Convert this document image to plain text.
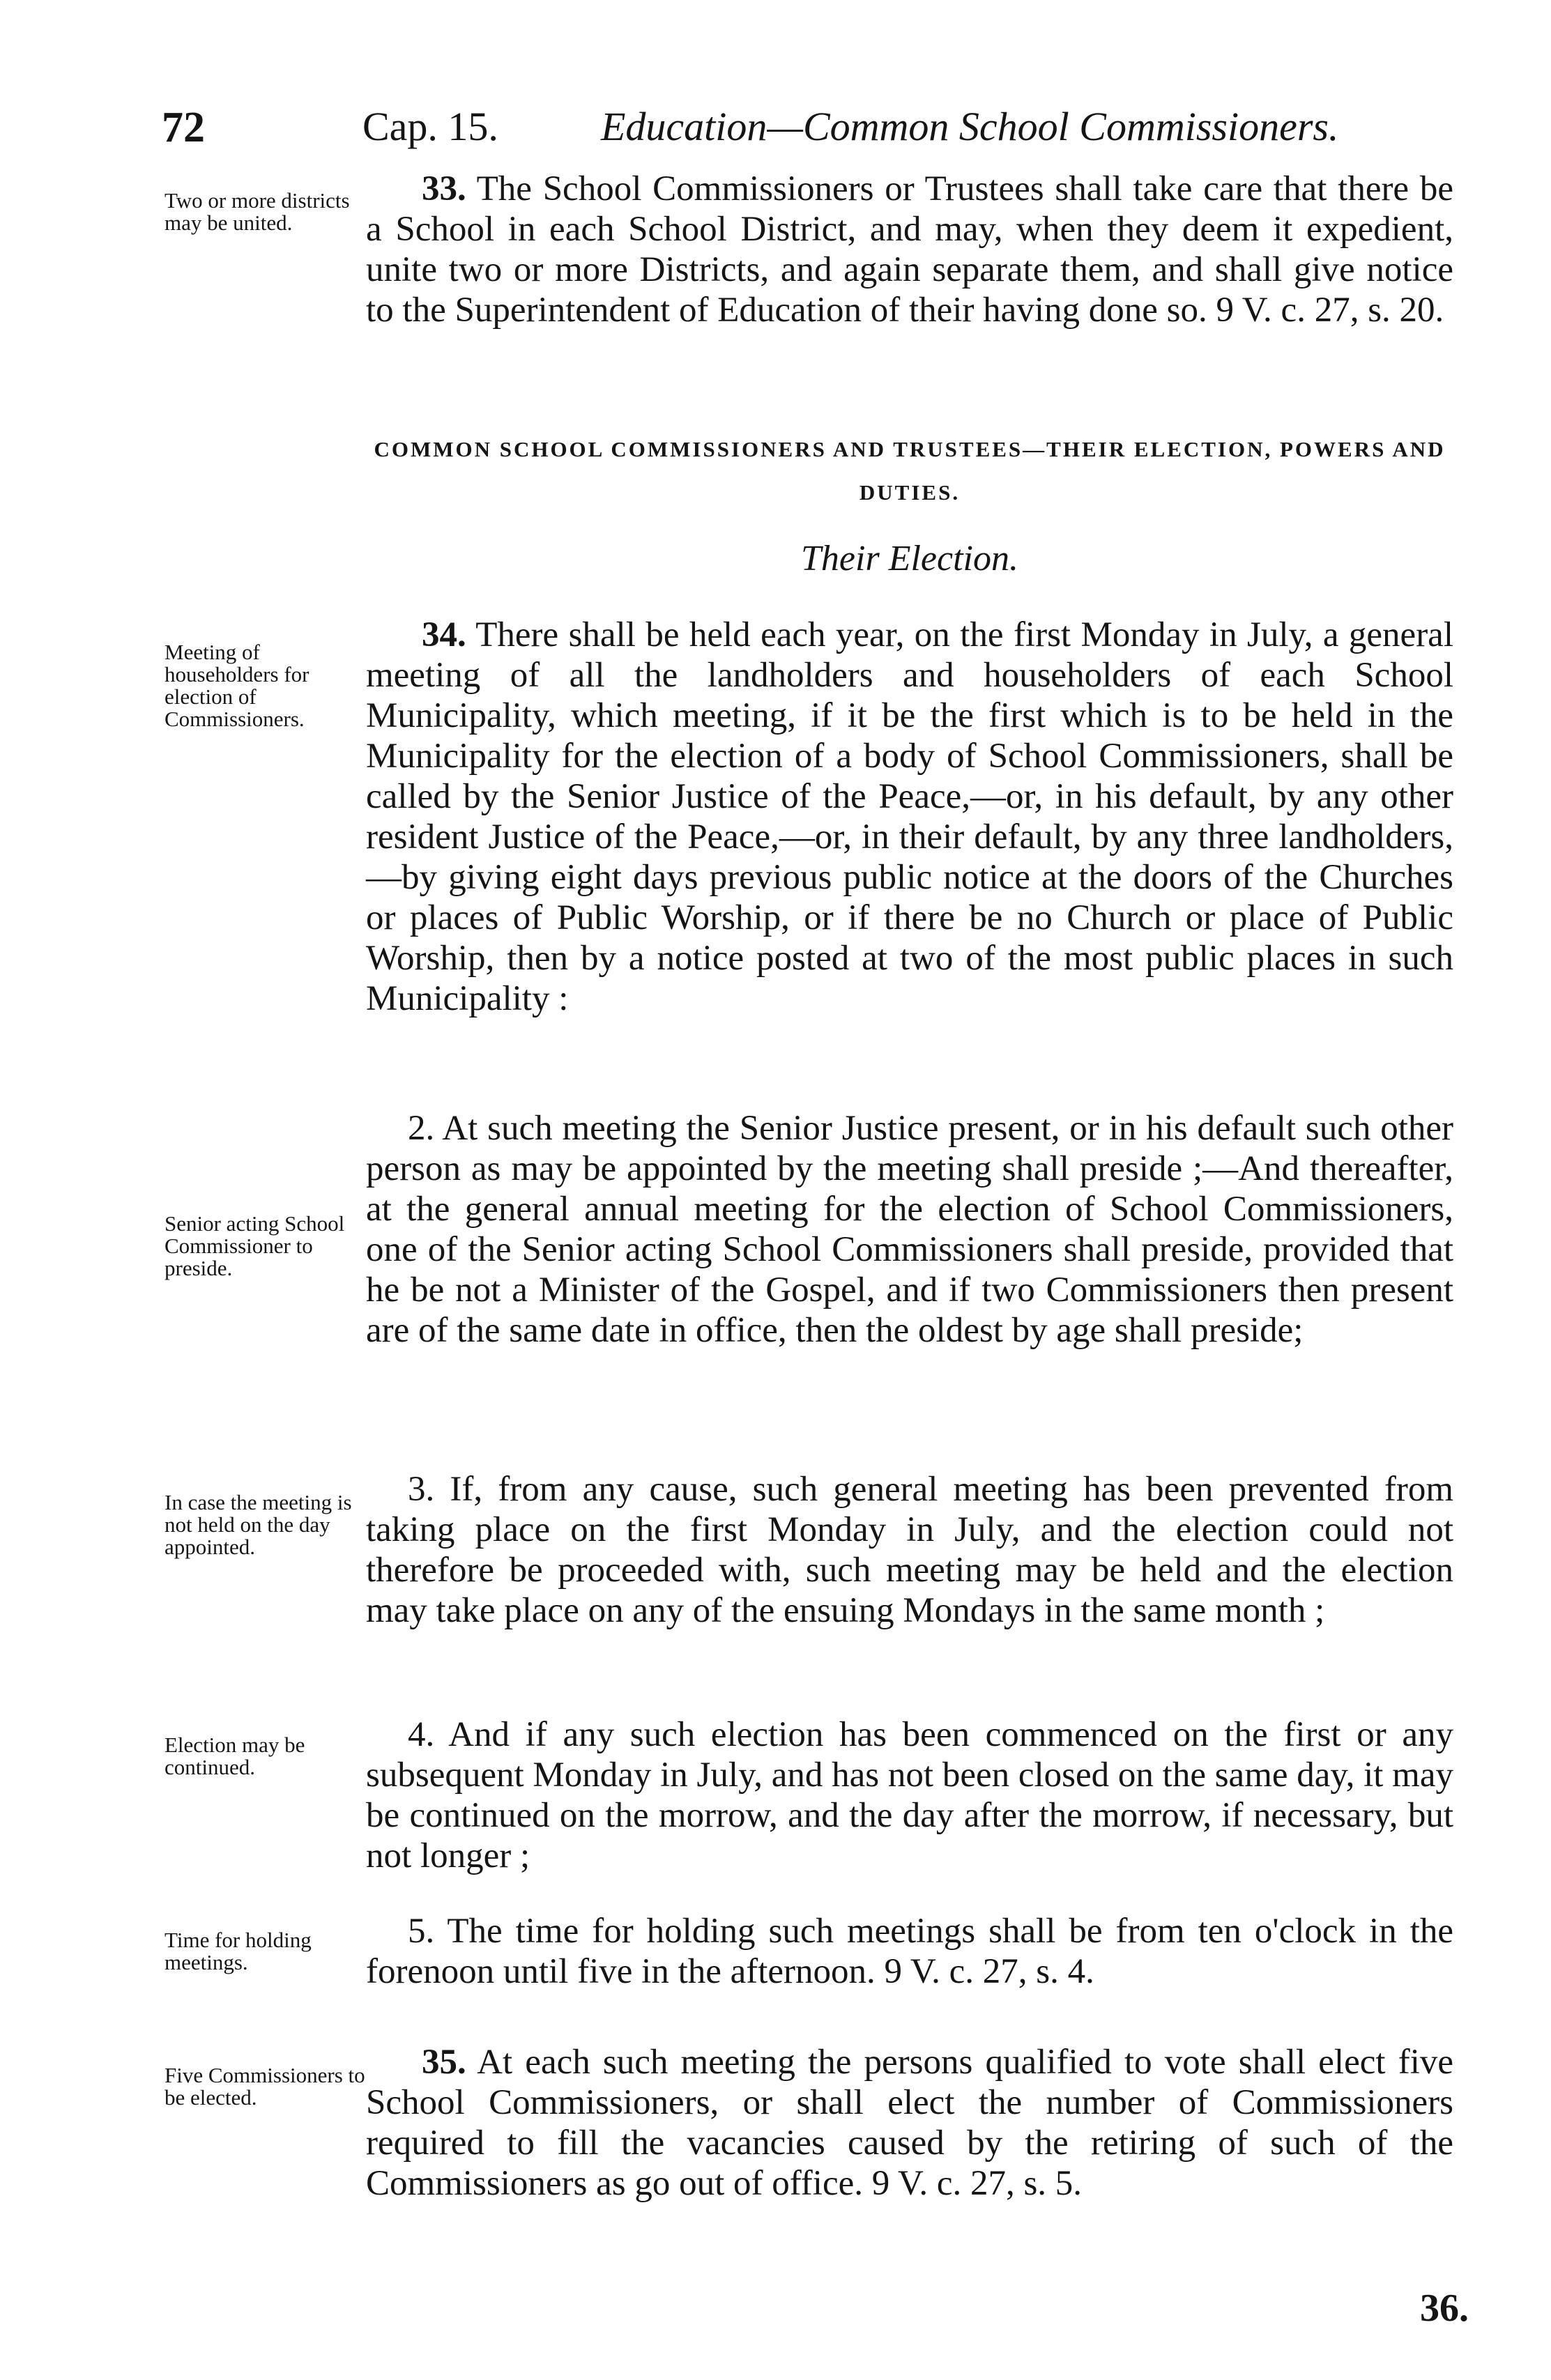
72	Cap. 15.	Education—Common School Commissioners.
Two or more districts may be united.

33. The School Commissioners or Trustees shall take care that there be a School in each School District, and may, when they deem it expedient, unite two or more Districts, and again separate them, and shall give notice to the Superintendent of Education of their having done so. 9 V. c. 27, s. 20.

COMMON SCHOOL COMMISSIONERS AND TRUSTEES—THEIR ELECTION, POWERS AND DUTIES.
Their Election.
Meeting of householders for election of Commissioners.

34. There shall be held each year, on the first Monday in July, a general meeting of all the landholders and householders of each School Municipality, which meeting, if it be the first which is to be held in the Municipality for the election of a body of School Commissioners, shall be called by the Senior Justice of the Peace,—or, in his default, by any other resident Justice of the Peace,—or, in their default, by any three landholders,—by giving eight days previous public notice at the doors of the Churches or places of Public Worship, or if there be no Church or place of Public Worship, then by a notice posted at two of the most public places in such Municipality :

Senior acting School Commissioner to preside.

2. At such meeting the Senior Justice present, or in his default such other person as may be appointed by the meeting shall preside ;—And thereafter, at the general annual meeting for the election of School Commissioners, one of the Senior acting School Commissioners shall preside, provided that he be not a Minister of the Gospel, and if two Commissioners then present are of the same date in office, then the oldest by age shall preside;

In case the meeting is not held on the day appointed.

3. If, from any cause, such general meeting has been prevented from taking place on the first Monday in July, and the election could not therefore be proceeded with, such meeting may be held and the election may take place on any of the ensuing Mondays in the same month ;

Election may be continued.

4. And if any such election has been commenced on the first or any subsequent Monday in July, and has not been closed on the same day, it may be continued on the morrow, and the day after the morrow, if necessary, but not longer ;

Time for holding meetings.

5. The time for holding such meetings shall be from ten o'clock in the forenoon until five in the afternoon. 9 V. c. 27, s. 4.

Five Commissioners to be elected.

35. At each such meeting the persons qualified to vote shall elect five School Commissioners, or shall elect the number of Commissioners required to fill the vacancies caused by the retiring of such of the Commissioners as go out of office. 9 V. c. 27, s. 5.

36.
